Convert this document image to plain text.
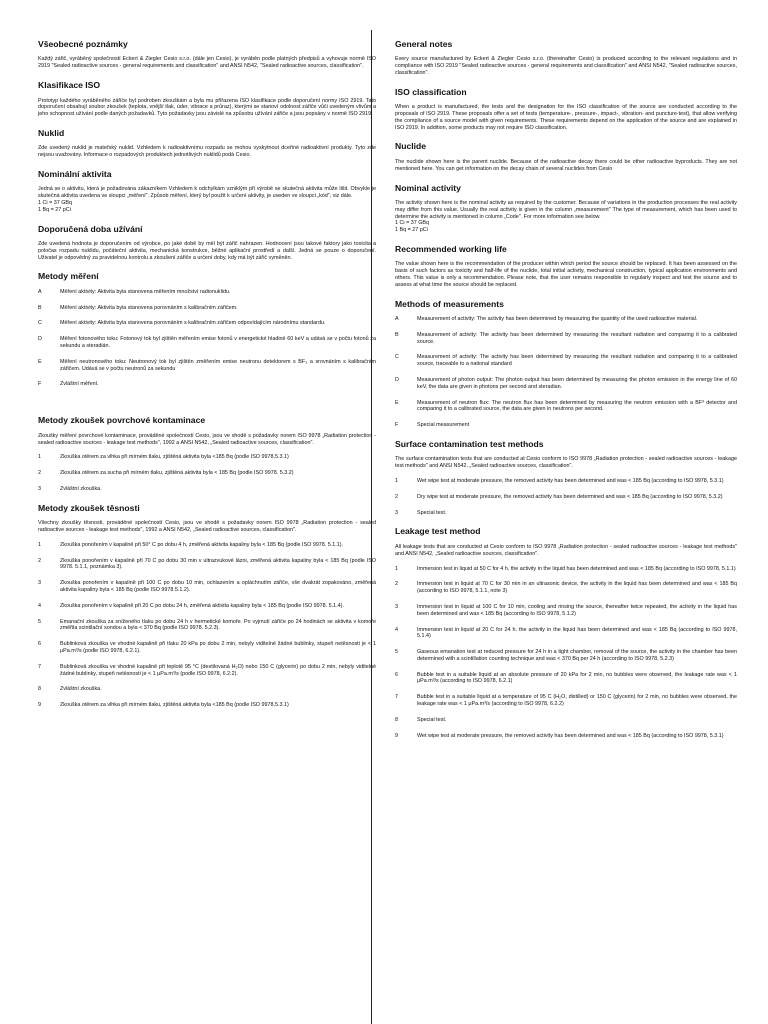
Všeobecné poznámky

Každý zářič, vyráběný společností Eckert & Ziegler Cesio s.r.o. (dále jen Cesio), je vyráběn podle platných předpisů a vyhovuje normě ISO 2919 "Sealed radioactive sources - general requirements and classification" and ANSI N542, "Sealed radioactive sources, classification".

Klasifikace ISO

Prototyp každého vyráběného zářiče byl podroben zkouškám a byla mu přiřazena ISO klasifikace podle doporučení normy ISO 2919. Tato doporučení obsahují soubor zkoušek (teplota, vnější tlak, úder, vibrace a průraz), kterými se stanoví odolnost zářiče vůči uvedeným vlivům a jeho schopnost užívání podle daných požadavků. Tyto požadavky jsou závislé na způsobu užívání zářiče a jsou popsány v normě ISO 2919.

Nuklid

Zde uvedený nuklid je mateřský nuklid. Vzhledem k radioaktivnímu rozpadu se mohou vyskytnout dceřiné radioaktivní produkty. Tyto zde nejsou uvažovány. Informace o rozpadových produktech jednotlivých nuklidů podá Cesio.

Nominální aktivita

Jedná se o aktivitu, která je požadována zákazníkem Vzhledem k odchylkám vzniklým při výrobě se skutečná aktivita může lišit. Obvykle je skutečná aktivita uvedena ve sloupci „měření". Způsob měření, který byl použit k určení aktivity, je uveden ve sloupci „kód", viz dále.

1 Ci = 37 GBq

1 Bq = 27 pCi

Doporučená doba užívání

Zde uvedená hodnota je doporučením od výrobce, po jaké době by měl být zářič nahrazen. Hodnocení jsou takové faktory jako toxicita a poločas rozpadu nuklidu, počáteční aktivita, mechanická konstrukce, běžné aplikační prostředí a další. Jedná se pouze o doporučení. Uživatel je odpovědný za pravidelnou kontrolu a zkoušení zářiče a určení doby, kdy má být zářič vyměněn.

Metody měření
A	Měření aktivity: Aktivita byla stanovena měřením množství radionuklidu.
B	Měření aktivity: Aktivita byla stanovena porovnáním s kalibračním zářičem.
C	Měření aktivity: Aktivita byla stanovena porovnáním s kalibračním zářičem odpovídajícím národnímu standardu.
D	Měření fotonového toku: Fotonový tok byl zjištěn měřením emise fotonů v energetické hladině 60 keV a udává se v počtu fotonů za sekundu a steradián.
E	Měření neutronového toku: Neutronový tok byl zjištěn změřením emise neutronu detektorem s BF₃ a srovnáním s kalibračním zářičem. Udává se v počtu neutronů za sekundu
F	Zvláštní měření.
Metody zkoušek povrchové kontaminace

Zkoušky měření povrchové kontaminace, prováděné společností Cesio, jsou ve shodě s požadavky norem ISO 9978 „Radiation protection - sealed radioactive sources - leakage test methods", 1992 a ANSI N542, „Sealed radioactive sources, classification".

1	Zkouška otěrem za vlhka při mírném tlaku, zjištěná aktivita byla <185 Bq (podle ISO 9978.5.3.1)
2	Zkouška otěrem za sucha při mírném tlaku, zjištěná aktivita byla < 185 Bq (podle ISO 9978. 5.3.2)
3	Zvláštní zkouška.
Metody zkoušek těsnosti

Všechny zkoušky těsnosti, prováděné společností Cesio, jsou ve shodě s požadavky norem ISO 9978 „Radiation protection - sealed radioactive sources - leakage test methods", 1992 a ANSI N542, „Sealed radioactive sources, classification".

1	Zkouška ponořením v kapalině při 50° C po dobu 4 h, změřená aktivita kapaliny byla < 185 Bq (podle ISO 9978. 5.1.1).
2	Zkouška ponořením v kapalině při 70 C po dobu 30 min v ultrazvukové lázni, změřená aktivita kapaliny byla < 185 Bq (podle ISO 9978. 5.1.1, poznámka 3).
3	Zkouška ponořením v kapalině při 100 C po dobu 10 min, ochlazením a opláchnutím zářiče, vše dvakrát zopakováno, změřená aktivita kapaliny byla < 185 Bq (podle ISO 9978.5.1.2).
4	Zkouška ponořením v kapalině při 20 C po dobu 24 h, změřená aktivita kapaliny byla < 185 Bq (podle ISO 9978. 5.1.4).
5	Emanační zkouška za sníženého tlaku po dobu 24 h v hermetické komoře. Po vyjmutí zářiče po 24 hodinách se aktivita v komoře změřila scintilační sondou a byla < 370 Bq (podle ISO 9978. 5.2.3).
6	Bublinková zkouška ve vhodné kapalině při tlaku 20 kPa po dobu 2 min, nebyly viditelné žádné bublinky, stupeň netěsnosti je < 1 μPa.m³/s (podle ISO 9978, 6.2.1).
7	Bublinková zkouška ve vhodné kapalině při teplotě 95 °C (destilovaná H₂O) nebo 150 C (glycerin) po dobu 2 min, nebyly viditelné žádné bublinky, stupeň netěsnosti je < 1 μPa.m³/s (podle ISO 9978, 6.2.2).
8	Zvláštní zkouška.
9	Zkouška otěrem za vlhka při mírném tlaku, zjištěná aktivita byla <185 Bq (podle ISO 9978.5.3.1)
General notes

Every source manufactured by Eckert & Ziegler Cesio s.r.o. (thereinafter Cesio) is produced according to the relevant regulations and in compliance with ISO 2919 "Sealed radioactive sources - general requirements and classification" and ANSI N542, "Sealed radioactive sources, classification".

ISO classification

When a product is manufactured, the tests and the designation for the ISO classification of the source are conducted according to the proposals of ISO 2919. These proposals offer a set of tests (temperature-, pressure-, impact-, vibration- and puncture-test), that allow verifying the compliance of a source model with given requirements. These requirements depend on the application of the source and are explained in ISO 2919. In addition, some products may not require ISO classification.

Nuclide

The nuclide shown here is the parent nuclide. Because of the radioactive decay there could be other radioactive byproducts. They are not mentioned here. You can get information on the decay chain of several nuclides from Cesio

Nominal activity

The activity shown here is the nominal activity as required by the customer. Because of variations in the production processes the real activity may differ from this value. Usually the real activity is given in the column „measurement" The type of measurement, which has been used to determine the activity is mentioned in column „Code". For more information see below.

1 Ci = 37 GBq

1 Bq = 27 pCi

Recommended working life

The value shown here is the recommendation of the producer within which period the source should be replaced. It has been assessed on the basis of such factors as toxicity and half-life of the nuclide, total initial activity, mechanical construction, typical application environments and others. This value is only a recommendation. Please note, that the user remains responsible to regularly inspect and test the source and to assess at what time the source should be replaced.

Methods of measurements
A	Measurement of activity: The activity has been determined by measuring the quantity of the used radioactive material.
B	Measurement of activity: The activity has been determined by measuring the resultant radiation and comparing it to a calibrated source.
C	Measurement of activity: The activity has been determined by measuring the resultant radiation and comparing it to a calibrated source, traceable to a national standard
D	Measurement of photon output: The photon output has been determined by measuring the photon emission in the energy line of 60 keV, the data are given in photons per second and steradian.
E	Measurement of neutron flux: The neutron flux has been determined by measuring the neutron emission with a BF³ detector and comparing it to a calibrated source, the data are given in neutrons per second.
F	Special measurement
Surface contamination test methods

The surface contamination tests that are conducted at Cesio conform to ISO 9978 „Radiation protection - sealed radioactive sources - leakage test methods" and ANSI N542, „Sealed radioactive sources, classification".

1	Wet wipe test at moderate pressure, the removed activity has been determined and was < 185 Bq (according to ISO 9978, 5.3.1)
2	Dry wipe test at moderate pressure, the removed activity has been determined and was < 185 Bq (according to ISO 9978, 5.3.2)
3	Special test.
Leakage test method

All leakage tests that are conducted at Cesio conform to ISO 9978 „Radiation protection - sealed radioactive sources - leakage test methods" and ANSI N542, „Sealed radioactive sources, classification".

1	Immersion test in liquid at 50 C for 4 h, the activity in the liquid has been determined and was < 185 Bq (according to ISO 9978, 5.1.1)
2	Immersion test in liquid at 70 C for 30 min in an ultrasonic device, the activity in the liquid has been determined and was < 185 Bq (according to ISO 9978, 5.1.1, note 3)
3	Immersion test in liquid at 100 C for 10 min, cooling and rinsing the source, thereafter twice repeated, the activity in the liquid has been determined and was < 185 Bq (according to ISO 9978, 5.1.2)
4	Immersion test in liquid at 20 C for 24 h. the activity in the liquid has been determined and was < 185 Bq (according to ISO 9978, 5.1.4)
5	Gaseous emanation test at reduced pressure for 24 h in a tight chamber, removal of the source, the activity in the chamber has been determined with a scintillation counting technique and was < 370 Bq per 24 h (according to ISO 9978, 5.2.3)
6	Bubble test in a suitable liquid at an absolute pressure of 20 kPa for 2 min, no bubbles were observed, the leakage rate was < 1 μPa.m³/s (according to ISO 9978, 6.2.1)
7	Bubble test in a suitable liquid at a temperature of 95 C (H₂O, distilled) or 150 C (glycerin) for 2 min, no bubbles were observed, the leakage rate was < 1 μPa.m³/s (according to ISO 9978, 6.2.2)
8	Special test.
9	Wet wipe test at moderate pressure, the removed activity has been determined and was < 185 Bq (according to ISO 9978, 5.3.1)
